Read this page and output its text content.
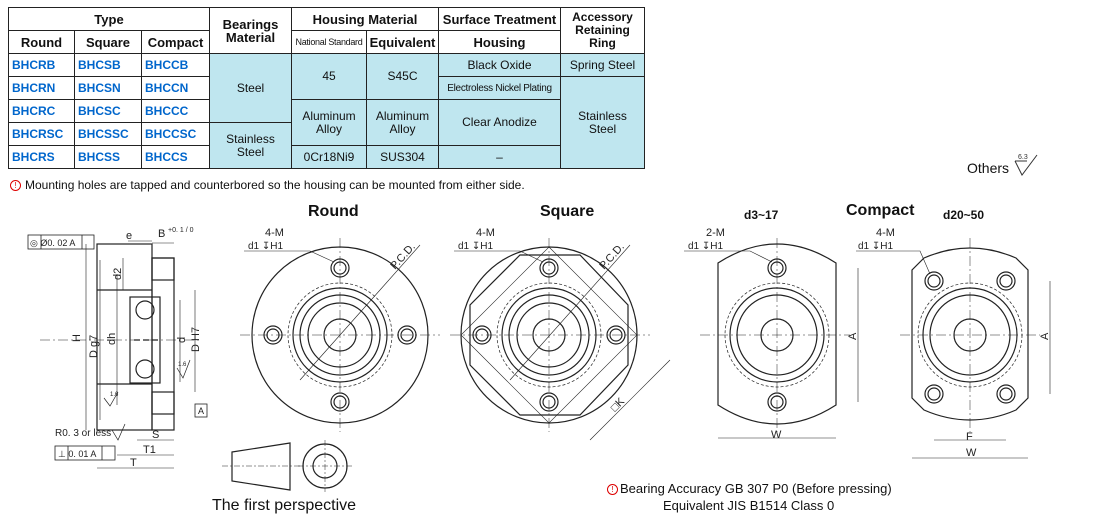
Type			Bearings Material	Housing Material		Surface Treatment	Accessory Retaining Ring
Round	Square	Compact		National Standard	Equivalent	Housing	
BHCRB	BHCSB	BHCCB	Steel	45	S45C	Black Oxide	Spring Steel
BHCRN	BHCSN	BHCCN				Electroless Nickel Plating	Stainless Steel
BHCRC	BHCSC	BHCCC		Aluminum Alloy	Aluminum Alloy	Clear Anodize	
BHCRSC	BHCSSC	BHCCSC	Stainless Steel				
BHCRS	BHCSS	BHCCS		0Cr18Ni9	SUS304	–	
! Mounting holes are tapped and counterbored so the housing can be mounted from either side.
Others
6.3
◎ Ø0. 02 A
e B +0. 1 / 0
H D g7 dh
d2
d D H7
1.6
1.6
A
R0. 3 or less
⊥ 0. 01 A
S
T1
T
4-M
d1 ↧H1	P.C.D.
4-M
d1 ↧H1	P.C.D.
□K
2-M
d1 ↧H1
A
W
4-M
d1 ↧H1
A
F
W
Round	Square	Compact
d3~17	d20~50
The first perspective
! Bearing Accuracy GB 307 P0 (Before pressing)
Equivalent JIS B1514 Class 0
